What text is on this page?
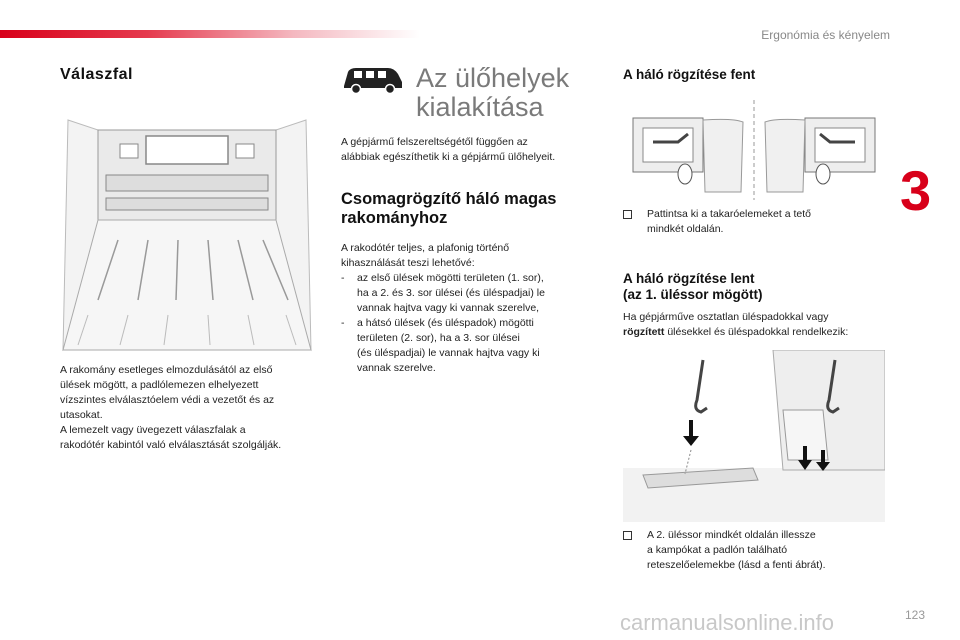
Ergonómia és kényelem
3
Válaszfal
A rakomány esetleges elmozdulásától az első
ülések mögött, a padlólemezen elhelyezett
vízszintes elválasztóelem védi a vezetőt és az
utasokat.
A lemezelt vagy üvegezett válaszfalak a
rakodótér kabintól való elválasztását szolgálják.
Az ülőhelyek
kialakítása
A gépjármű felszereltségétől függően az
alábbiak egészíthetik ki a gépjármű ülőhelyeit.
Csomagrögzítő háló magas
rakományhoz
A rakodótér teljes, a plafonig történő
kihasználását teszi lehetővé:
-	az első ülések mögötti területen (1. sor),
ha a 2. és 3. sor ülései (és üléspadjai) le
vannak hajtva vagy ki vannak szerelve,
-	a hátsó ülések (és üléspadok) mögötti
területen (2. sor), ha a 3. sor ülései
(és üléspadjai) le vannak hajtva vagy ki
vannak szerelve.
A háló rögzítése fent
Pattintsa ki a takaróelemeket a tető
mindkét oldalán.
A háló rögzítése lent
(az 1. üléssor mögött)
Ha gépjárműve osztatlan üléspadokkal vagy
rögzített ülésekkel és üléspadokkal rendelkezik:
A 2. üléssor mindkét oldalán illessze
a kampókat a padlón található
reteszelőelemekbe (lásd a fenti ábrát).
carmanualsonline.info	123
